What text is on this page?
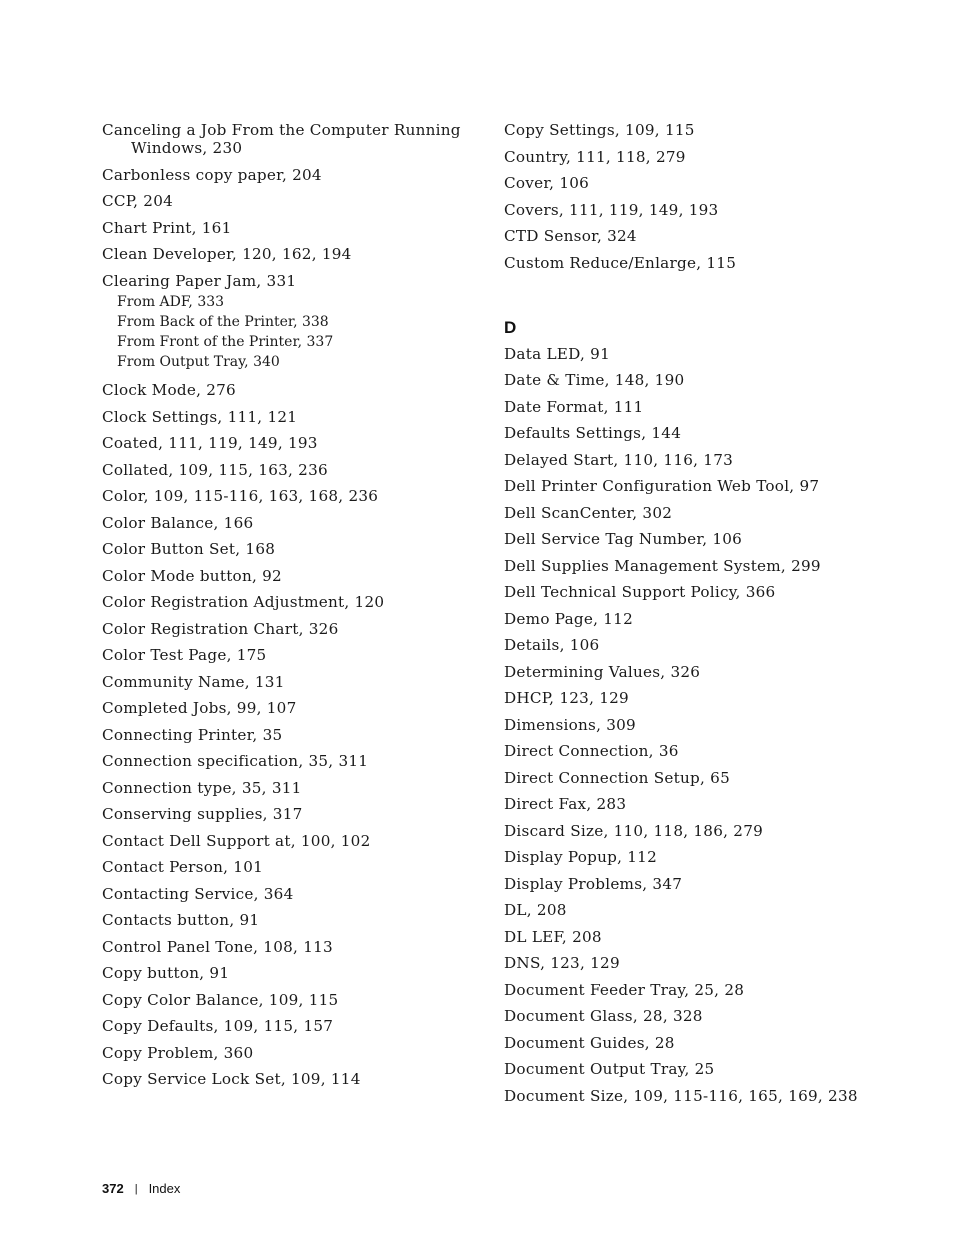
Canceling a Job From the Computer Running
Windows, 230
Carbonless copy paper, 204
CCP, 204
Chart Print, 161
Clean Developer, 120, 162, 194
Clearing Paper Jam, 331
From ADF, 333
From Back of the Printer, 338
From Front of the Printer, 337
From Output Tray, 340
Clock Mode, 276
Clock Settings, 111, 121
Coated, 111, 119, 149, 193
Collated, 109, 115, 163, 236
Color, 109, 115-116, 163, 168, 236
Color Balance, 166
Color Button Set, 168
Color Mode button, 92
Color Registration Adjustment, 120
Color Registration Chart, 326
Color Test Page, 175
Community Name, 131
Completed Jobs, 99, 107
Connecting Printer, 35
Connection specification, 35, 311
Connection type, 35, 311
Conserving supplies, 317
Contact Dell Support at, 100, 102
Contact Person, 101
Contacting Service, 364
Contacts button, 91
Control Panel Tone, 108, 113
Copy button, 91
Copy Color Balance, 109, 115
Copy Defaults, 109, 115, 157
Copy Problem, 360
Copy Service Lock Set, 109, 114
Copy Settings, 109, 115
Country, 111, 118, 279
Cover, 106
Covers, 111, 119, 149, 193
CTD Sensor, 324
Custom Reduce/Enlarge, 115
D
Data LED, 91
Date & Time, 148, 190
Date Format, 111
Defaults Settings, 144
Delayed Start, 110, 116, 173
Dell Printer Configuration Web Tool, 97
Dell ScanCenter, 302
Dell Service Tag Number, 106
Dell Supplies Management System, 299
Dell Technical Support Policy, 366
Demo Page, 112
Details, 106
Determining Values, 326
DHCP, 123, 129
Dimensions, 309
Direct Connection, 36
Direct Connection Setup, 65
Direct Fax, 283
Discard Size, 110, 118, 186, 279
Display Popup, 112
Display Problems, 347
DL, 208
DL LEF, 208
DNS, 123, 129
Document Feeder Tray, 25, 28
Document Glass, 28, 328
Document Guides, 28
Document Output Tray, 25
Document Size, 109, 115-116, 165, 169, 238
372 | Index
